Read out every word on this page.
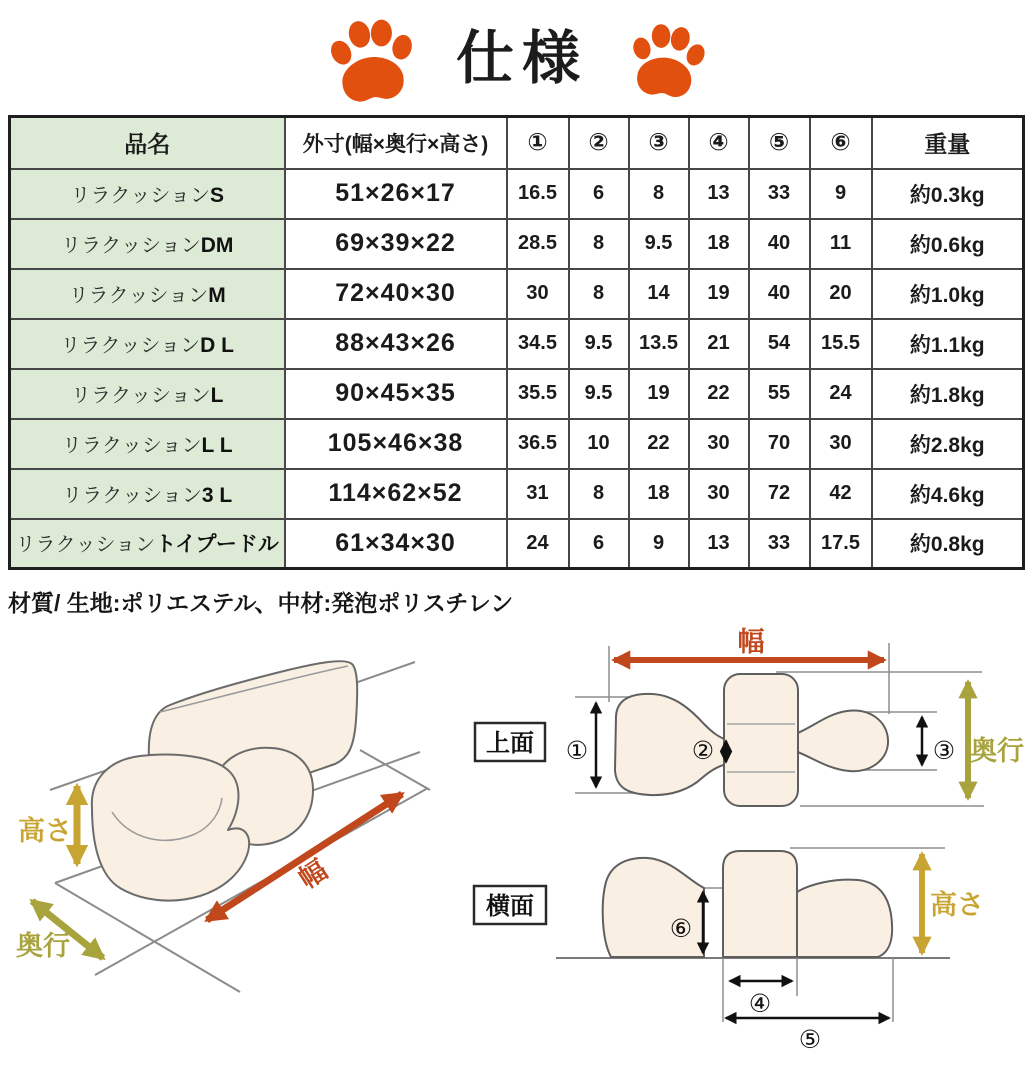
仕様
品名	外寸(幅×奥行×高さ)	①	②	③	④	⑤	⑥	重量
リラクッションS	51×26×17	16.5	6	8	13	33	9	約0.3kg
リラクッションDM	69×39×22	28.5	8	9.5	18	40	11	約0.6kg
リラクッションM	72×40×30	30	8	14	19	40	20	約1.0kg
リラクッションD L	88×43×26	34.5	9.5	13.5	21	54	15.5	約1.1kg
リラクッションL	90×45×35	35.5	9.5	19	22	55	24	約1.8kg
リラクッションL L	105×46×38	36.5	10	22	30	70	30	約2.8kg
リラクッション3 L	114×62×52	31	8	18	30	72	42	約4.6kg
リラクッショントイプードル	61×34×30	24	6	9	13	33	17.5	約0.8kg
材質/ 生地:ポリエステル、中材:発泡ポリスチレン
高さ
奥行
幅
①	②	③
幅
奥行
上面
⑥
高さ
④
⑤
横面
